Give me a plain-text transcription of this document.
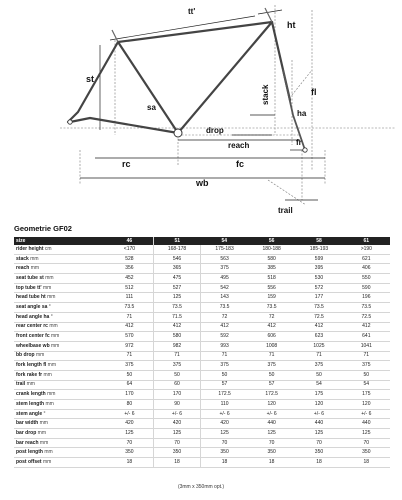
tt'
ht
st
stack	fl
sa
ha
drop
reach	fr
rc	fc
wb
trail
Geometrie GF02
size	46	51	54	56	58	61
rider height cm	<170	168-178	175-183	180-188	185-193	>190
stack mm	528	546	563	580	599	621
reach mm	356	365	375	385	395	406
seat tube st mm	452	475	495	518	530	550
top tube tt' mm	512	527	542	556	572	590
head tube ht mm	111	125	143	159	177	196
seat angle sa °	73.5	73.5	73.5	73.5	73.5	73.5
head angle ha °	71	71.5	72	72	72.5	72.5
rear center rc mm	412	412	412	412	412	412
front center fc mm	570	580	592	606	623	641
wheelbase wb mm	972	982	993	1008	1025	1041
bb drop mm	71	71	71	71	71	71
fork length fl mm	375	375	375	375	375	375
fork rake fr mm	50	50	50	50	50	50
trail mm	64	60	57	57	54	54
crank length mm	170	170	172.5	172.5	175	175
stem length mm	80	90	110	120	120	120
stem angle °	+/- 6	+/- 6	+/- 6	+/- 6	+/- 6	+/- 6
bar width mm	420	420	420	440	440	440
bar drop mm	125	125	125	125	125	125
bar reach mm	70	70	70	70	70	70
post length mm	350	350	350	350	350	350
post offset mm	18	18	18	18	18	18
(3mm x 350mm opt.)
